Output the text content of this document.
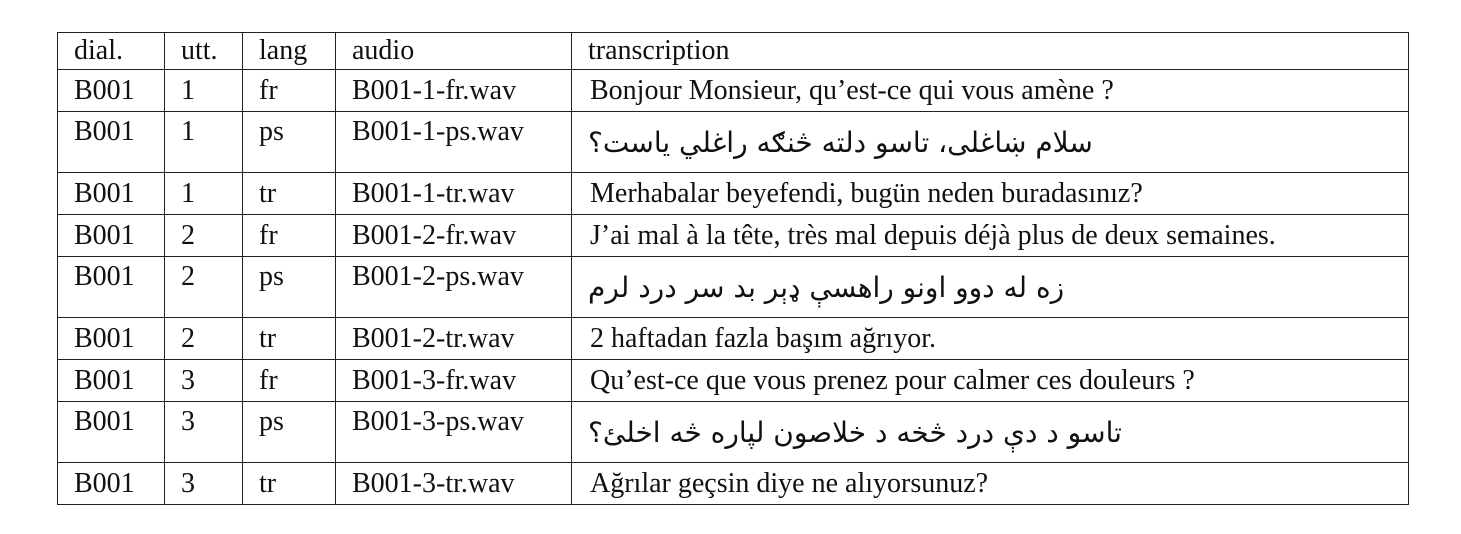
dial.	utt.	lang	audio	transcription
B001	1	fr	B001-1-fr.wav	Bonjour Monsieur, qu’est-ce qui vous amène ?
B001	1	ps	B001-1-ps.wav	سلام ښاغلی، تاسو دلته څنګه راغلي یاست؟
B001	1	tr	B001-1-tr.wav	Merhabalar beyefendi, bugün neden buradasınız?
B001	2	fr	B001-2-fr.wav	J’ai mal à la tête, très mal depuis déjà plus de deux semaines.
B001	2	ps	B001-2-ps.wav	زه له دوو اونو راهسې ډېر بد سر درد لرم
B001	2	tr	B001-2-tr.wav	2 haftadan fazla başım ağrıyor.
B001	3	fr	B001-3-fr.wav	Qu’est-ce que vous prenez pour calmer ces douleurs ?
B001	3	ps	B001-3-ps.wav	تاسو د دې درد څخه د خلاصون لپاره څه اخلئ؟
B001	3	tr	B001-3-tr.wav	Ağrılar geçsin diye ne alıyorsunuz?
